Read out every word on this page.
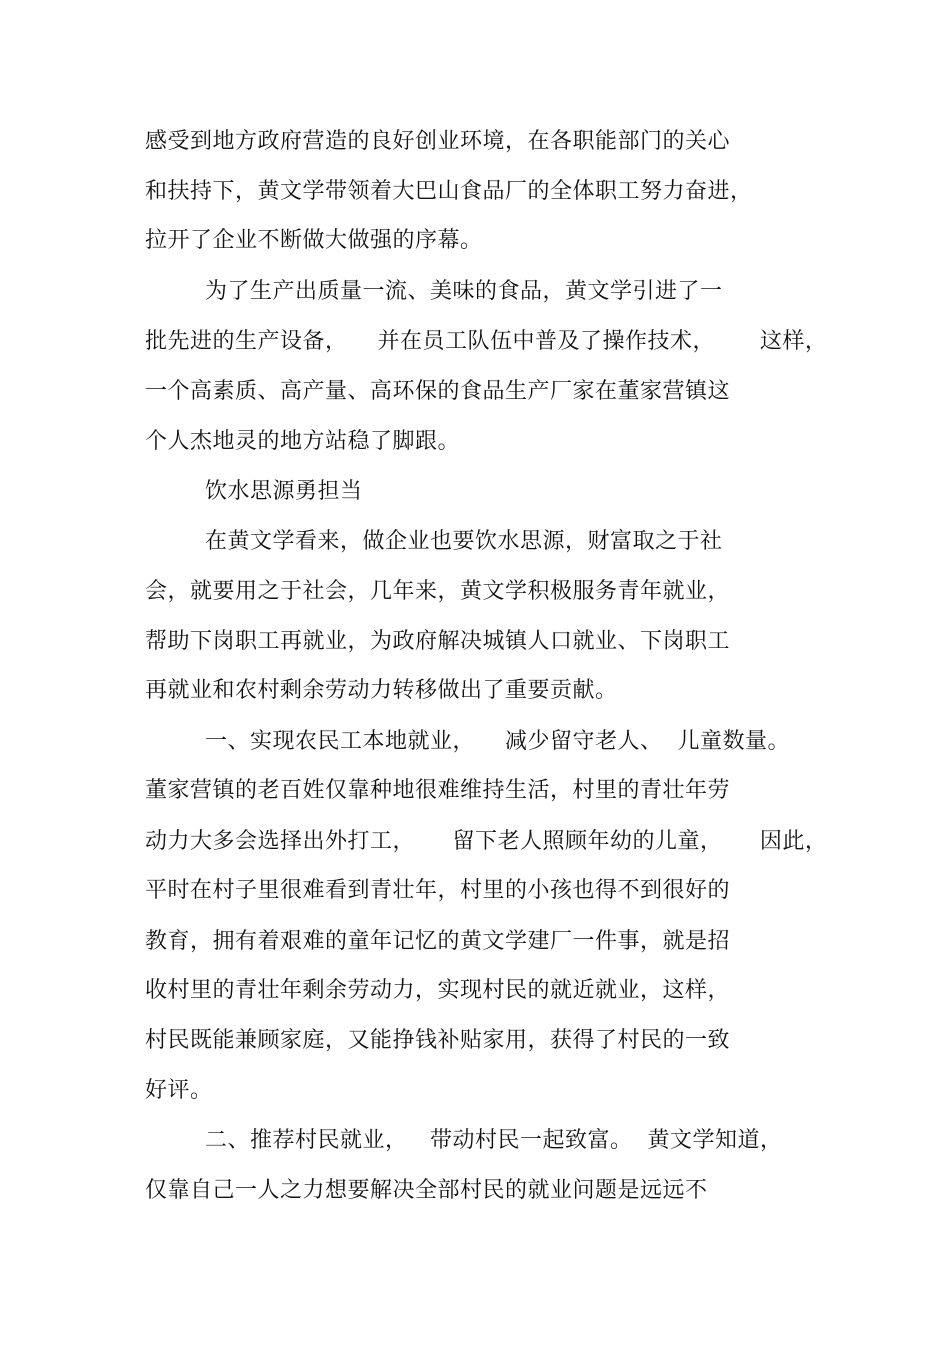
感受到地方政府营造的良好创业环境，在各职能部门的关心
和扶持下，黄文学带领着大巴山食品厂的全体职工努力奋进，
拉开了企业不断做大做强的序幕。
为了生产出质量一流、美味的食品，黄文学引进了一
批先进的生产设备，    并在员工队伍中普及了操作技术，      这样，
一个高素质、高产量、高环保的食品生产厂家在董家营镇这
个人杰地灵的地方站稳了脚跟。
饮水思源勇担当
在黄文学看来，做企业也要饮水思源，财富取之于社
会，就要用之于社会，几年来，黄文学积极服务青年就业，
帮助下岗职工再就业，为政府解决城镇人口就业、下岗职工
再就业和农村剩余劳动力转移做出了重要贡献。
一、实现农民工本地就业，    减少留守老人、  儿童数量。
董家营镇的老百姓仅靠种地很难维持生活，村里的青壮年劳
动力大多会选择出外打工，     留下老人照顾年幼的儿童，     因此，
平时在村子里很难看到青壮年，村里的小孩也得不到很好的
教育，拥有着艰难的童年记忆的黄文学建厂一件事，就是招
收村里的青壮年剩余劳动力，实现村民的就近就业，这样，
村民既能兼顾家庭，又能挣钱补贴家用，获得了村民的一致
好评。
二、推荐村民就业，   带动村民一起致富。  黄文学知道，
仅靠自己一人之力想要解决全部村民的就业问题是远远不
